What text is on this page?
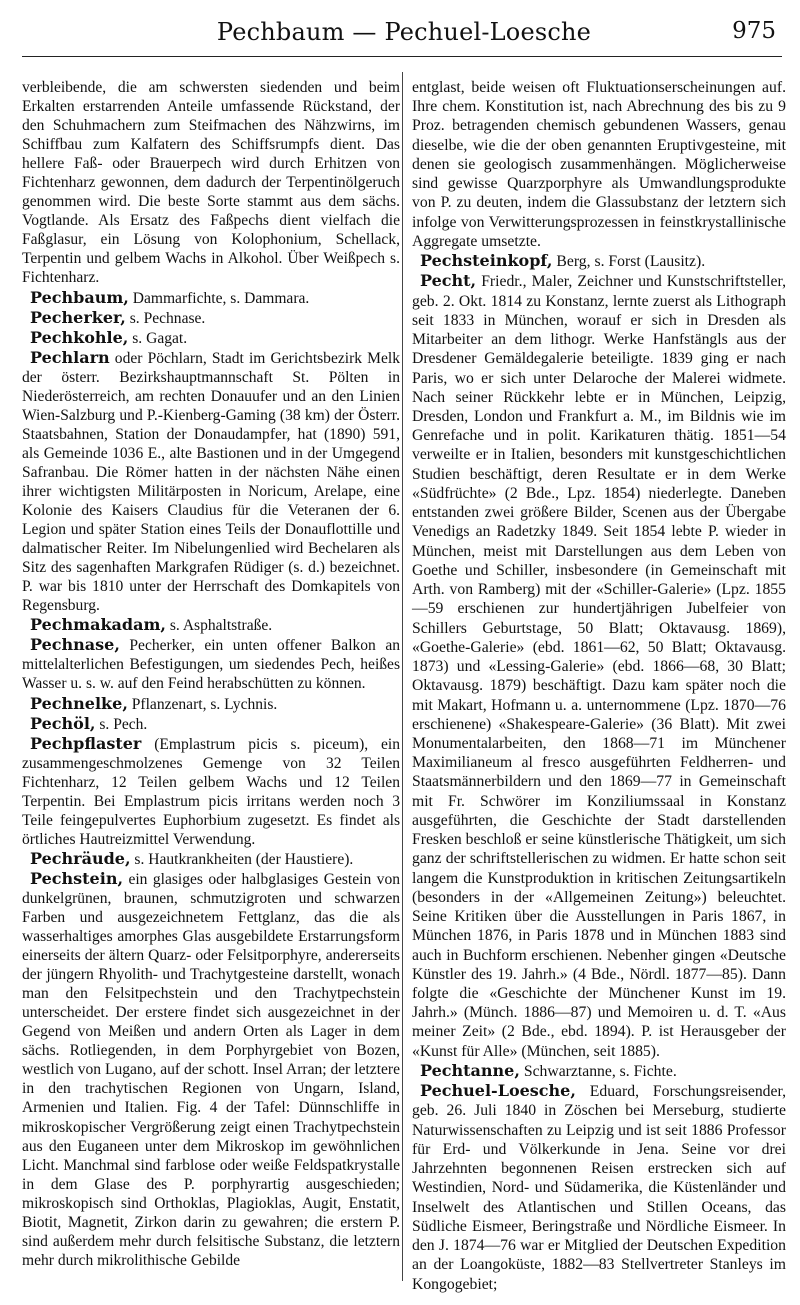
Pechbaum — Pechuel-Loesche	975

verbleibende, die am schwersten siedenden und beim Erkalten erstarrenden Anteile umfassende Rückstand, der den Schuhmachern zum Steifmachen des Nähzwirns, im Schiffbau zum Kalfatern des Schiffsrumpfs dient. Das hellere Faß- oder Brauerpech wird durch Erhitzen von Fichtenharz gewonnen, dem dadurch der Terpentinölgeruch genommen wird. Die beste Sorte stammt aus dem sächs. Vogtlande. Als Ersatz des Faßpechs dient vielfach die Faßglasur, ein Lösung von Kolophonium, Schellack, Terpentin und gelbem Wachs in Alkohol. Über Weißpech s. Fichtenharz.

Pechbaum, Dammarfichte, s. Dammara.

Pecherker, s. Pechnase.

Pechkohle, s. Gagat.

Pechlarn oder Pöchlarn, Stadt im Gerichtsbezirk Melk der österr. Bezirkshauptmannschaft St. Pölten in Niederösterreich, am rechten Donauufer und an den Linien Wien-Salzburg und P.-Kienberg-Gaming (38 km) der Österr. Staatsbahnen, Station der Donaudampfer, hat (1890) 591, als Gemeinde 1036 E., alte Bastionen und in der Umgegend Safranbau. Die Römer hatten in der nächsten Nähe einen ihrer wichtigsten Militärposten in Noricum, Arelape, eine Kolonie des Kaisers Claudius für die Veteranen der 6. Legion und später Station eines Teils der Donauflottille und dalmatischer Reiter. Im Nibelungenlied wird Bechelaren als Sitz des sagenhaften Markgrafen Rüdiger (s. d.) bezeichnet. P. war bis 1810 unter der Herrschaft des Domkapitels von Regensburg.

Pechmakadam, s. Asphaltstraße.

Pechnase, Pecherker, ein unten offener Balkon an mittelalterlichen Befestigungen, um siedendes Pech, heißes Wasser u. s. w. auf den Feind herabschütten zu können.

Pechnelke, Pflanzenart, s. Lychnis.

Pechöl, s. Pech.

Pechpflaster (Emplastrum picis s. piceum), ein zusammengeschmolzenes Gemenge von 32 Teilen Fichtenharz, 12 Teilen gelbem Wachs und 12 Teilen Terpentin. Bei Emplastrum picis irritans werden noch 3 Teile feingepulvertes Euphorbium zugesetzt. Es findet als örtliches Hautreizmittel Verwendung.

Pechräude, s. Hautkrankheiten (der Haustiere).

Pechstein, ein glasiges oder halbglasiges Gestein von dunkelgrünen, braunen, schmutzigroten und schwarzen Farben und ausgezeichnetem Fettglanz, das die als wasserhaltiges amorphes Glas ausgebildete Erstarrungsform einerseits der ältern Quarz- oder Felsitporphyre, andererseits der jüngern Rhyolith- und Trachytgesteine darstellt, wonach man den Felsitpechstein und den Trachytpechstein unterscheidet. Der erstere findet sich ausgezeichnet in der Gegend von Meißen und andern Orten als Lager in dem sächs. Rotliegenden, in dem Porphyrgebiet von Bozen, westlich von Lugano, auf der schott. Insel Arran; der letztere in den trachytischen Regionen von Ungarn, Island, Armenien und Italien. Fig. 4 der Tafel: Dünnschliffe in mikroskopischer Vergrößerung zeigt einen Trachytpechstein aus den Euganeen unter dem Mikroskop im gewöhnlichen Licht. Manchmal sind farblose oder weiße Feldspatkrystalle in dem Glase des P. porphyrartig ausgeschieden; mikroskopisch sind Orthoklas, Plagioklas, Augit, Enstatit, Biotit, Magnetit, Zirkon darin zu gewahren; die erstern P. sind außerdem mehr durch felsitische Substanz, die letztern mehr durch mikrolithische Gebilde

entglast, beide weisen oft Fluktuationserscheinungen auf. Ihre chem. Konstitution ist, nach Abrechnung des bis zu 9 Proz. betragenden chemisch gebundenen Wassers, genau dieselbe, wie die der oben genannten Eruptivgesteine, mit denen sie geologisch zusammenhängen. Möglicherweise sind gewisse Quarzporphyre als Umwandlungsprodukte von P. zu deuten, indem die Glassubstanz der letztern sich infolge von Verwitterungsprozessen in feinstkrystallinische Aggregate umsetzte.

Pechsteinkopf, Berg, s. Forst (Lausitz).

Pecht, Friedr., Maler, Zeichner und Kunstschriftsteller, geb. 2. Okt. 1814 zu Konstanz, lernte zuerst als Lithograph seit 1833 in München, worauf er sich in Dresden als Mitarbeiter an dem lithogr. Werke Hanfstängls aus der Dresdener Gemäldegalerie beteiligte. 1839 ging er nach Paris, wo er sich unter Delaroche der Malerei widmete. Nach seiner Rückkehr lebte er in München, Leipzig, Dresden, London und Frankfurt a. M., im Bildnis wie im Genrefache und in polit. Karikaturen thätig. 1851—54 verweilte er in Italien, besonders mit kunstgeschichtlichen Studien beschäftigt, deren Resultate er in dem Werke «Südfrüchte» (2 Bde., Lpz. 1854) niederlegte. Daneben entstanden zwei größere Bilder, Scenen aus der Übergabe Venedigs an Radetzky 1849. Seit 1854 lebte P. wieder in München, meist mit Darstellungen aus dem Leben von Goethe und Schiller, insbesondere (in Gemeinschaft mit Arth. von Ramberg) mit der «Schiller-Galerie» (Lpz. 1855—59 erschienen zur hundertjährigen Jubelfeier von Schillers Geburtstage, 50 Blatt; Oktavausg. 1869), «Goethe-Galerie» (ebd. 1861—62, 50 Blatt; Oktavausg. 1873) und «Lessing-Galerie» (ebd. 1866—68, 30 Blatt; Oktavausg. 1879) beschäftigt. Dazu kam später noch die mit Makart, Hofmann u. a. unternommene (Lpz. 1870—76 erschienene) «Shakespeare-Galerie» (36 Blatt). Mit zwei Monumentalarbeiten, den 1868—71 im Münchener Maximilianeum al fresco ausgeführten Feldherren- und Staatsmännerbildern und den 1869—77 in Gemeinschaft mit Fr. Schwörer im Konziliumssaal in Konstanz ausgeführten, die Geschichte der Stadt darstellenden Fresken beschloß er seine künstlerische Thätigkeit, um sich ganz der schriftstellerischen zu widmen. Er hatte schon seit langem die Kunstproduktion in kritischen Zeitungsartikeln (besonders in der «Allgemeinen Zeitung») beleuchtet. Seine Kritiken über die Ausstellungen in Paris 1867, in München 1876, in Paris 1878 und in München 1883 sind auch in Buchform erschienen. Nebenher gingen «Deutsche Künstler des 19. Jahrh.» (4 Bde., Nördl. 1877—85). Dann folgte die «Geschichte der Münchener Kunst im 19. Jahrh.» (Münch. 1886—87) und Memoiren u. d. T. «Aus meiner Zeit» (2 Bde., ebd. 1894). P. ist Herausgeber der «Kunst für Alle» (München, seit 1885).

Pechtanne, Schwarztanne, s. Fichte.

Pechuel-Loesche, Eduard, Forschungsreisender, geb. 26. Juli 1840 in Zöschen bei Merseburg, studierte Naturwissenschaften zu Leipzig und ist seit 1886 Professor für Erd- und Völkerkunde in Jena. Seine vor drei Jahrzehnten begonnenen Reisen erstrecken sich auf Westindien, Nord- und Südamerika, die Küstenländer und Inselwelt des Atlantischen und Stillen Oceans, das Südliche Eismeer, Beringstraße und Nördliche Eismeer. In den J. 1874—76 war er Mitglied der Deutschen Expedition an der Loangoküste, 1882—83 Stellvertreter Stanleys im Kongogebiet;
